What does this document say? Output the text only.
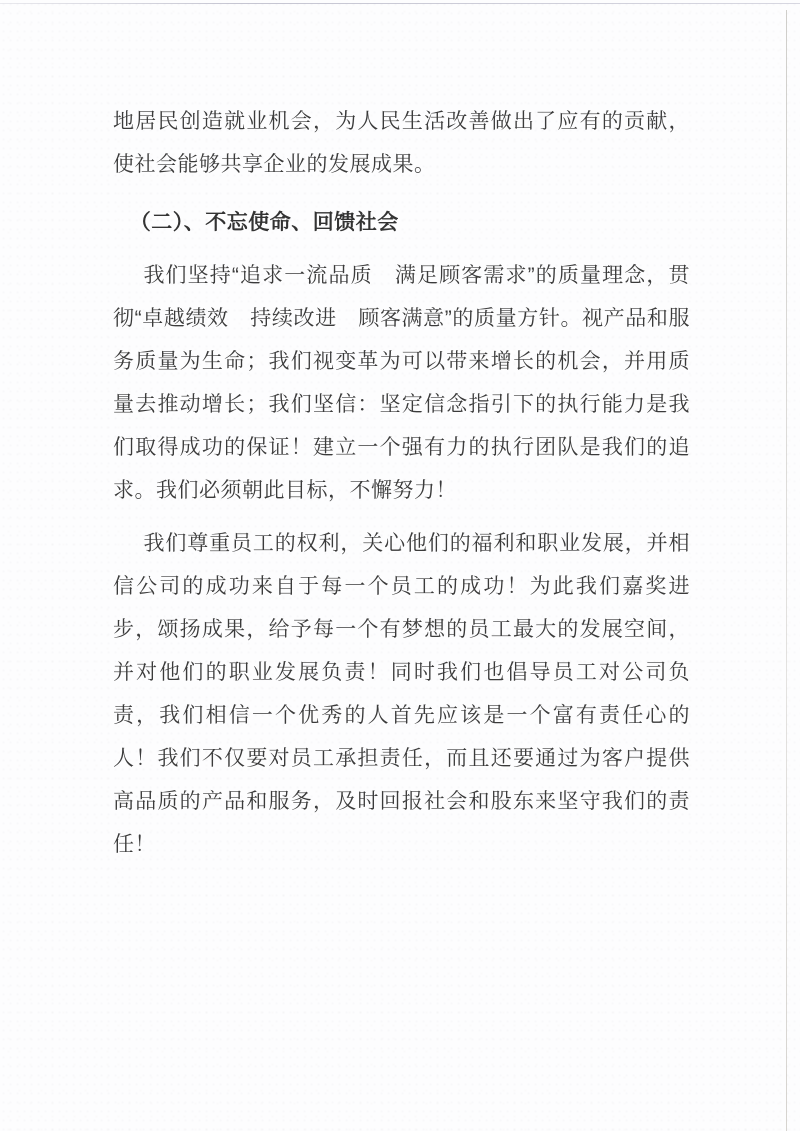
地居民创造就业机会，为人民生活改善做出了应有的贡献，使社会能够共享企业的发展成果。

（二）、不忘使命、回馈社会

我们坚持“追求一流品质　满足顾客需求”的质量理念，贯彻“卓越绩效　持续改进　顾客满意”的质量方针。视产品和服务质量为生命；我们视变革为可以带来增长的机会，并用质量去推动增长；我们坚信：坚定信念指引下的执行能力是我们取得成功的保证！建立一个强有力的执行团队是我们的追求。我们必须朝此目标，不懈努力！

我们尊重员工的权利，关心他们的福利和职业发展，并相信公司的成功来自于每一个员工的成功！为此我们嘉奖进步，颂扬成果，给予每一个有梦想的员工最大的发展空间，并对他们的职业发展负责！同时我们也倡导员工对公司负责，我们相信一个优秀的人首先应该是一个富有责任心的人！我们不仅要对员工承担责任，而且还要通过为客户提供高品质的产品和服务，及时回报社会和股东来坚守我们的责任！
